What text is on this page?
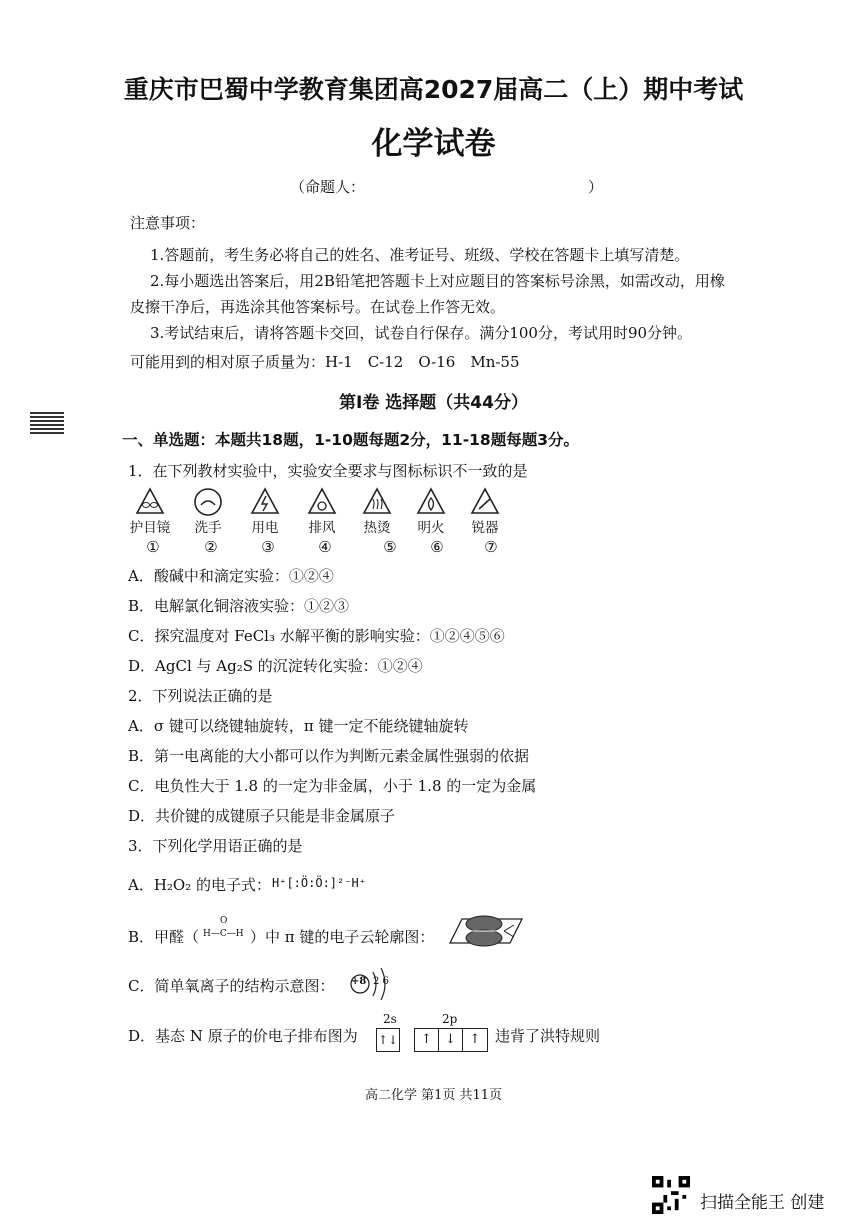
重庆市巴蜀中学教育集团高2027届高二（上）期中考试
化学试卷
（命题人：	）
注意事项：
1.答题前，考生务必将自己的姓名、准考证号、班级、学校在答题卡上填写清楚。
2.每小题选出答案后，用2B铅笔把答题卡上对应题目的答案标号涂黑，如需改动，用橡
皮擦干净后，再选涂其他答案标号。在试卷上作答无效。
3.考试结束后，请将答题卡交回，试卷自行保存。满分100分，考试用时90分钟。
可能用到的相对原子质量为：H-1　C-12　O-16　Mn-55
第Ⅰ卷 选择题（共44分）
一、单选题：本题共18题，1-10题每题2分，11-18题每题3分。
1．在下列教材实验中，实验安全要求与图标标识不一致的是
护目镜	洗手	用电	排风	热烫	明火	锐器
①	②	③	④	⑤	⑥	⑦
A．酸碱中和滴定实验：①②④
B．电解氯化铜溶液实验：①②③
C．探究温度对 FeCl₃ 水解平衡的影响实验：①②④⑤⑥
D．AgCl 与 Ag₂S 的沉淀转化实验：①②④
2．下列说法正确的是
A．σ 键可以绕键轴旋转，π 键一定不能绕键轴旋转
B．第一电离能的大小都可以作为判断元素金属性强弱的依据
C．电负性大于 1.8 的一定为非金属，小于 1.8 的一定为金属
D．共价键的成键原子只能是非金属原子
3．下列化学用语正确的是
A．H₂O₂ 的电子式： H⁺[:Ö:Ö:]²⁻H⁺
B．甲醛（
O
H—C—H ）中 π 键的电子云轮廓图：
C．简单氧离子的结构示意图： +8 2 6
D．基态 N 原子的价电子排布图为
2s	2p
↑↓	↑	↓	↑ 违背了洪特规则
高二化学 第1页 共11页
扫描全能王 创建
